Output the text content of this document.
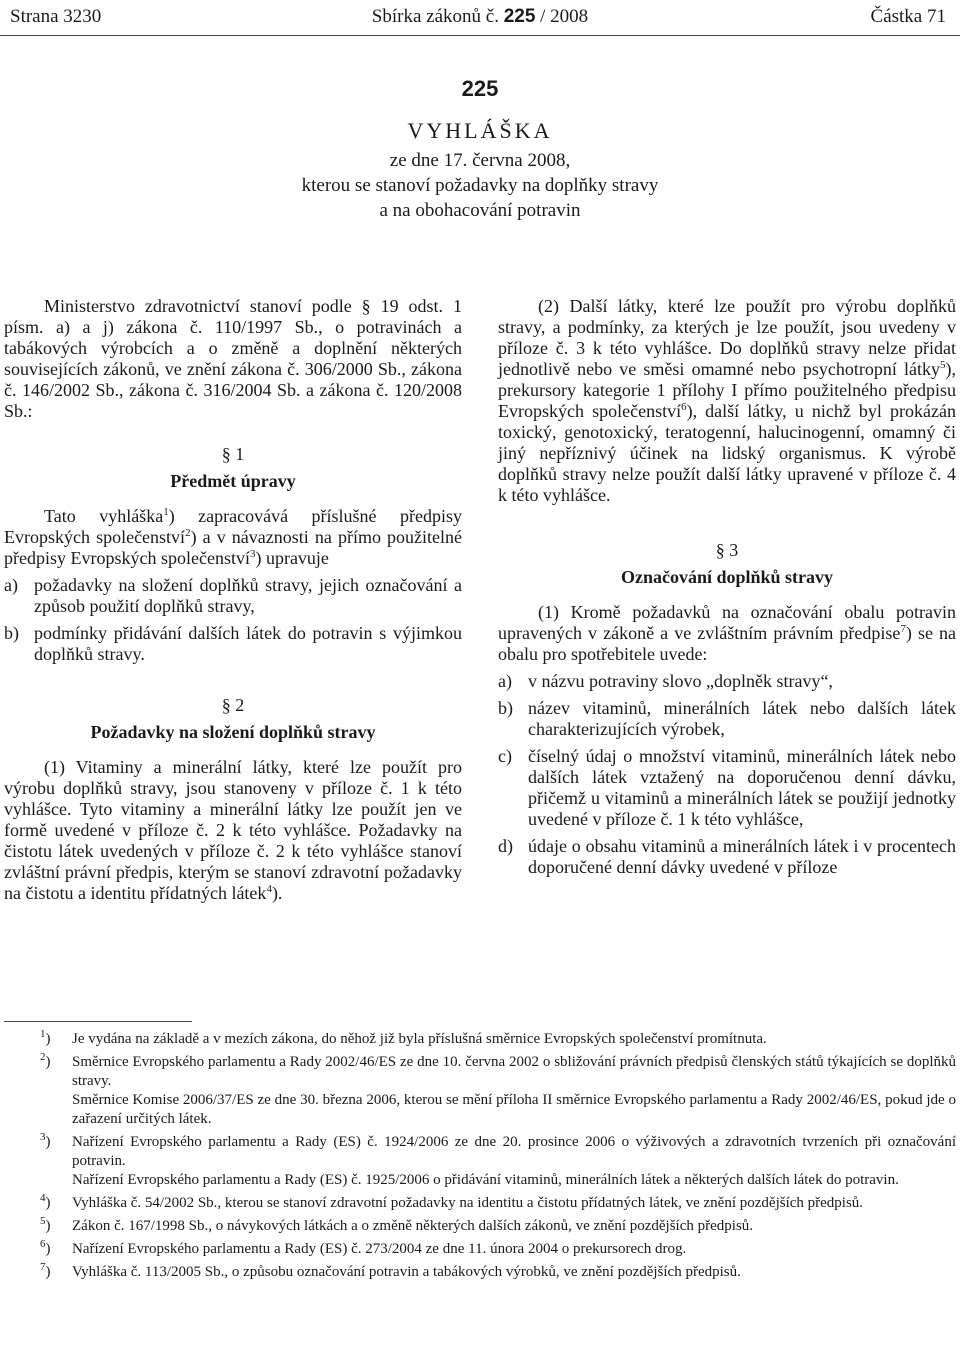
Strana 3230	Sbírka zákonů č. 225 / 2008	Částka 71
225
VYHLÁŠKA
ze dne 17. června 2008,
kterou se stanoví požadavky na doplňky stravy
a na obohacování potravin

Ministerstvo zdravotnictví stanoví podle § 19 odst. 1 písm. a) a j) zákona č. 110/1997 Sb., o potravinách a tabákových výrobcích a o změně a doplnění některých souvisejících zákonů, ve znění zákona č. 306/2000 Sb., zákona č. 146/2002 Sb., zákona č. 316/2004 Sb. a zákona č. 120/2008 Sb.:

§ 1
Předmět úpravy

Tato vyhláška$^1$) zapracovává příslušné předpisy Evropských společenství$^2$) a v návaznosti na přímo použitelné předpisy Evropských společenství$^3$) upravuje

a) požadavky na složení doplňků stravy, jejich označování a způsob použití doplňků stravy,
b) podmínky přidávání dalších látek do potravin s výjimkou doplňků stravy.
§ 2
Požadavky na složení doplňků stravy

(1) Vitaminy a minerální látky, které lze použít pro výrobu doplňků stravy, jsou stanoveny v příloze č. 1 k této vyhlášce. Tyto vitaminy a minerální látky lze použít jen ve formě uvedené v příloze č. 2 k této vyhlášce. Požadavky na čistotu látek uvedených v příloze č. 2 k této vyhlášce stanoví zvláštní právní předpis, kterým se stanoví zdravotní požadavky na čistotu a identitu přídatných látek$^4$).

(2) Další látky, které lze použít pro výrobu doplňků stravy, a podmínky, za kterých je lze použít, jsou uvedeny v příloze č. 3 k této vyhlášce. Do doplňků stravy nelze přidat jednotlivě nebo ve směsi omamné nebo psychotropní látky$^5$), prekursory kategorie 1 přílohy I přímo použitelného předpisu Evropských společenství$^6$), další látky, u nichž byl prokázán toxický, genotoxický, teratogenní, halucinogenní, omamný či jiný nepříznivý účinek na lidský organismus. K výrobě doplňků stravy nelze použít další látky upravené v příloze č. 4 k této vyhlášce.

§ 3
Označování doplňků stravy

(1) Kromě požadavků na označování obalu potravin upravených v zákoně a ve zvláštním právním předpise$^7$) se na obalu pro spotřebitele uvede:

a) v názvu potraviny slovo „doplněk stravy“,
b) název vitaminů, minerálních látek nebo dalších látek charakterizujících výrobek,
c) číselný údaj o množství vitaminů, minerálních látek nebo dalších látek vztažený na doporučenou denní dávku, přičemž u vitaminů a minerálních látek se použijí jednotky uvedené v příloze č. 1 k této vyhlášce,
d) údaje o obsahu vitaminů a minerálních látek i v procentech doporučené denní dávky uvedené v příloze
$^1$) Je vydána na základě a v mezích zákona, do něhož již byla příslušná směrnice Evropských společenství promítnuta.
$^2$) Směrnice Evropského parlamentu a Rady 2002/46/ES ze dne 10. června 2002 o sbližování právních předpisů členských států týkajících se doplňků stravy.
Směrnice Komise 2006/37/ES ze dne 30. března 2006, kterou se mění příloha II směrnice Evropského parlamentu a Rady 2002/46/ES, pokud jde o zařazení určitých látek.
$^3$) Nařízení Evropského parlamentu a Rady (ES) č. 1924/2006 ze dne 20. prosince 2006 o výživových a zdravotních tvrzeních při označování potravin.
Nařízení Evropského parlamentu a Rady (ES) č. 1925/2006 o přidávání vitaminů, minerálních látek a některých dalších látek do potravin.
$^4$) Vyhláška č. 54/2002 Sb., kterou se stanoví zdravotní požadavky na identitu a čistotu přídatných látek, ve znění pozdějších předpisů.
$^5$) Zákon č. 167/1998 Sb., o návykových látkách a o změně některých dalších zákonů, ve znění pozdějších předpisů.
$^6$) Nařízení Evropského parlamentu a Rady (ES) č. 273/2004 ze dne 11. února 2004 o prekursorech drog.
$^7$) Vyhláška č. 113/2005 Sb., o způsobu označování potravin a tabákových výrobků, ve znění pozdějších předpisů.
